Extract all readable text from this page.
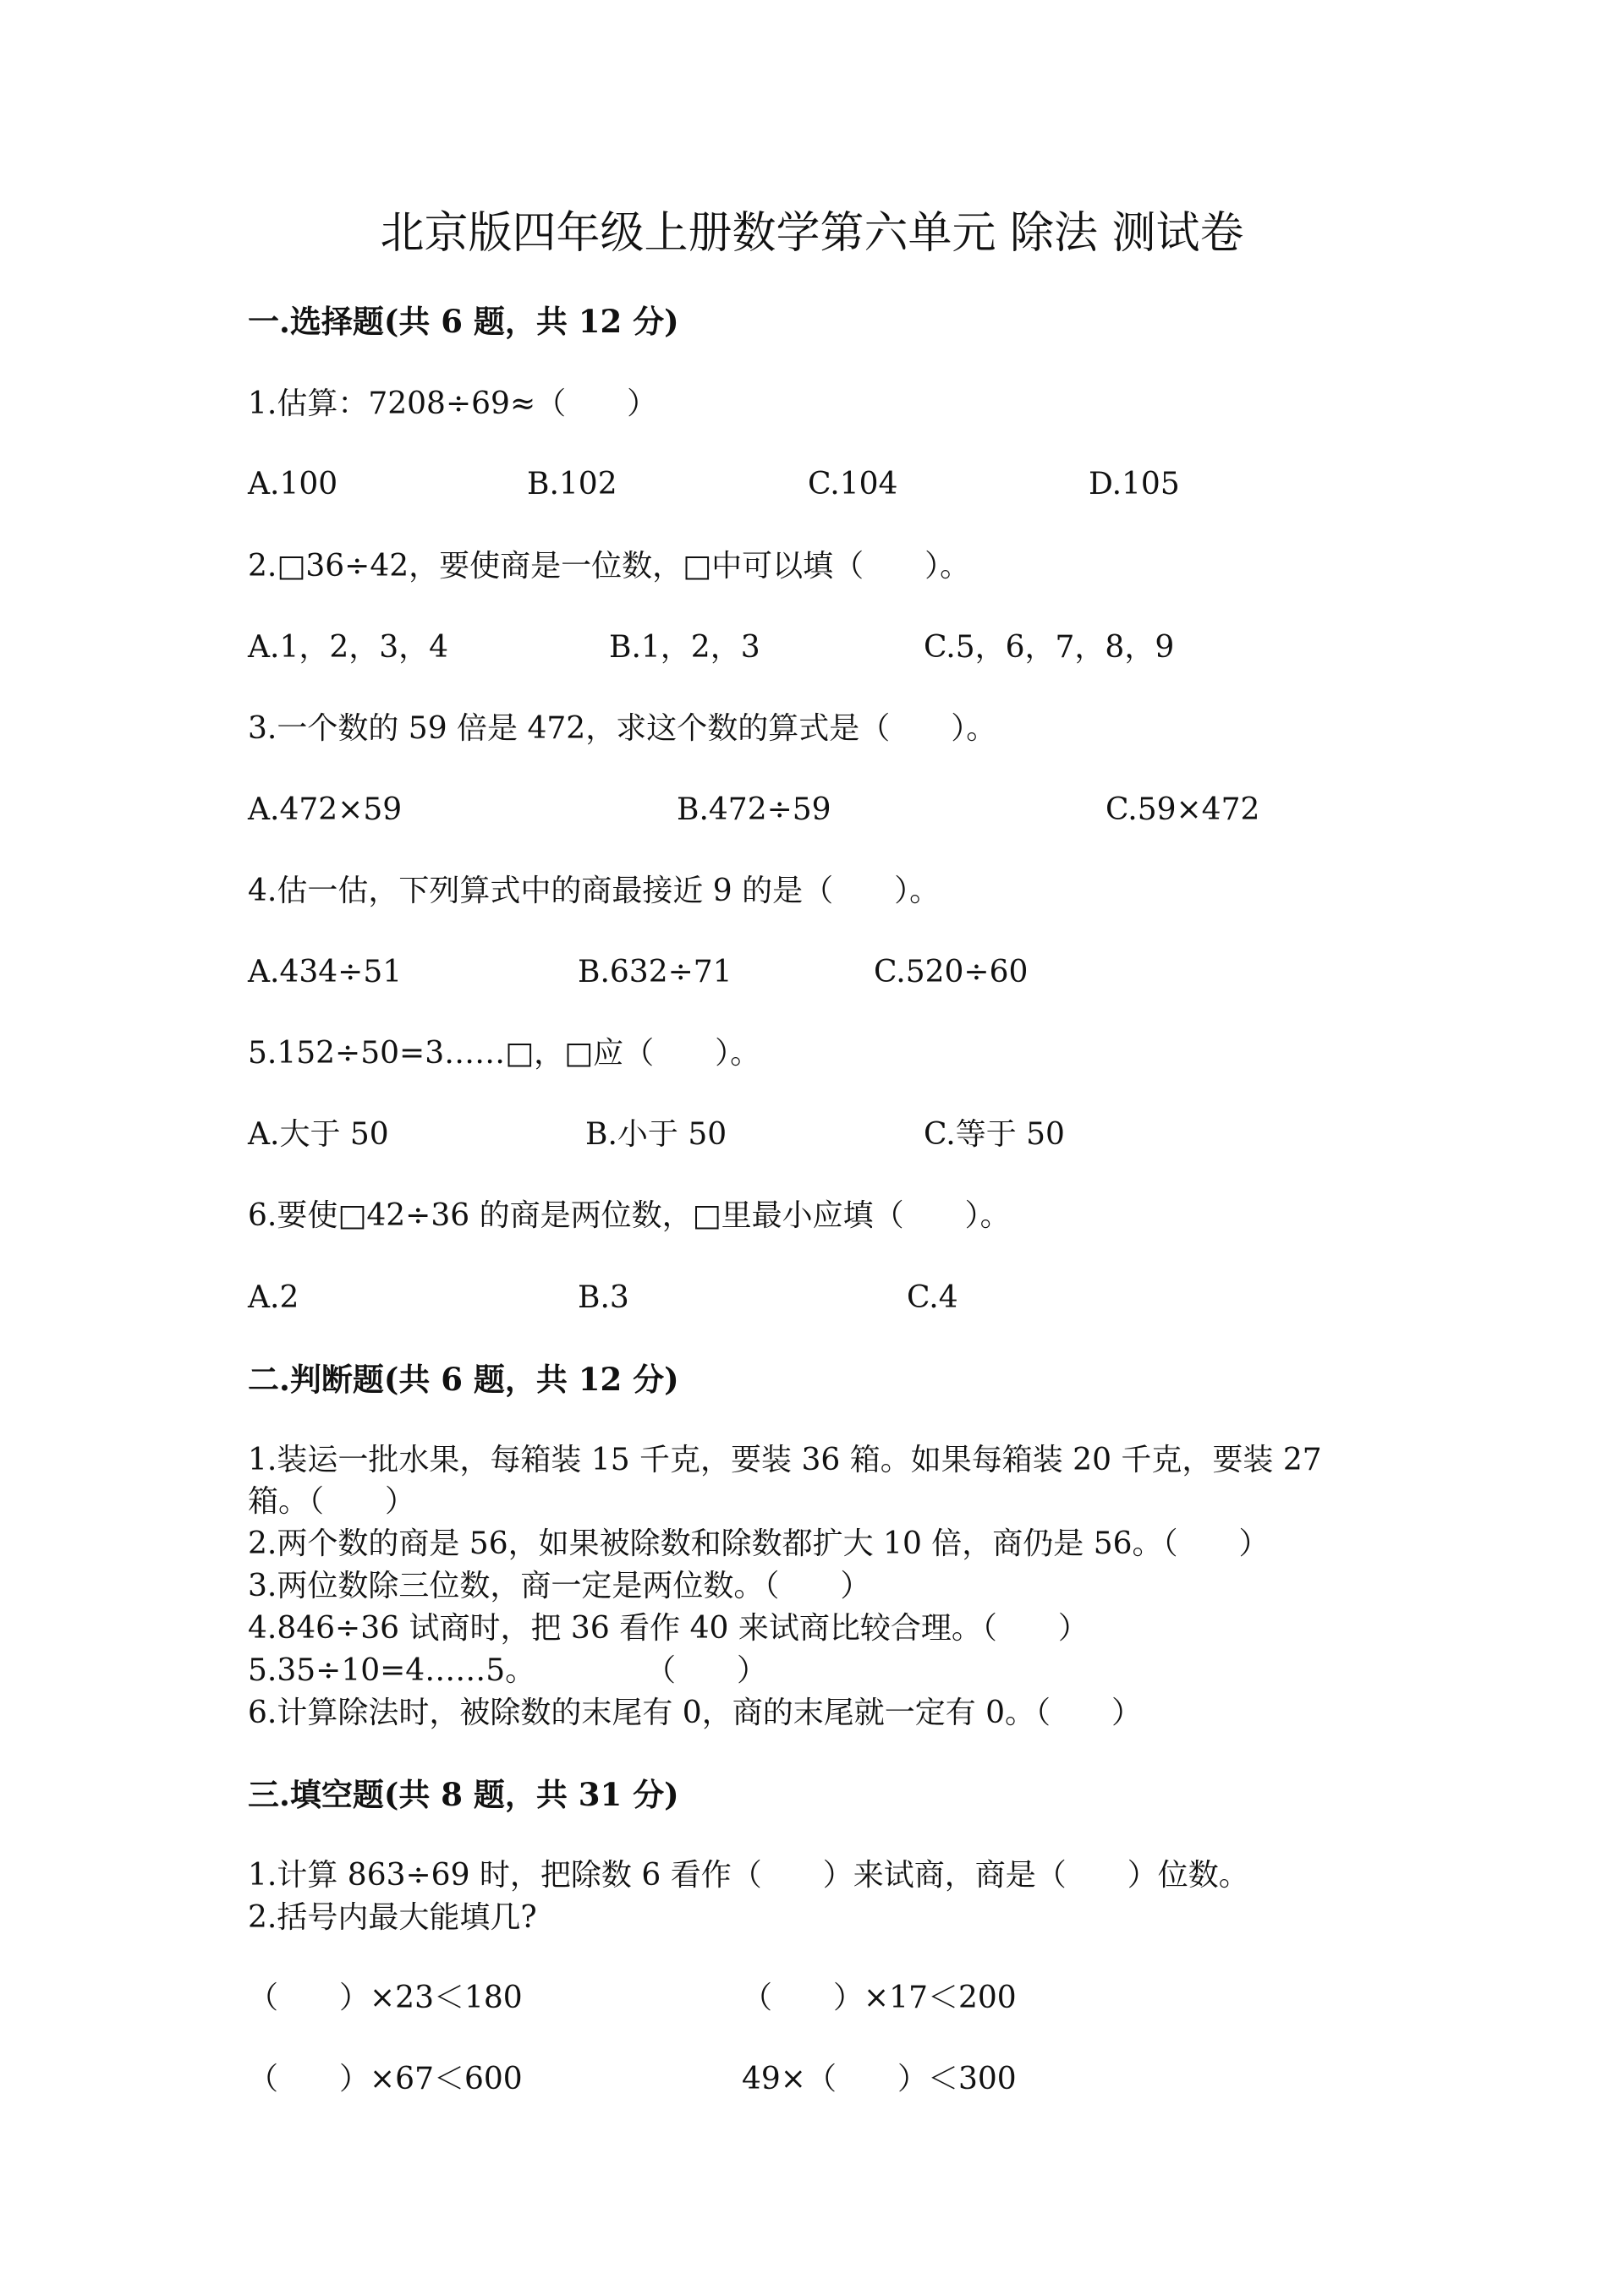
北京版四年级上册数学第六单元 除法 测试卷
一.选择题(共 6 题，共 12 分)
1.估算：7208÷69≈（　　）
A.100	B.102	C.104	D.105
2.□36÷42，要使商是一位数，□中可以填（　　）。
A.1，2，3，4	B.1，2，3	C.5，6，7，8，9
3.一个数的 59 倍是 472，求这个数的算式是（　　）。
A.472×59	B.472÷59	C.59×472
4.估一估，下列算式中的商最接近 9 的是（　　）。
A.434÷51	B.632÷71	C.520÷60
5.152÷50=3……□，□应（　　）。
A.大于 50	B.小于 50	C.等于 50
6.要使□42÷36 的商是两位数，□里最小应填（　　）。
A.2	B.3	C.4
二.判断题(共 6 题，共 12 分)
1.装运一批水果，每箱装 15 千克，要装 36 箱。如果每箱装 20 千克，要装 27
箱。（　　）
2.两个数的商是 56，如果被除数和除数都扩大 10 倍，商仍是 56。（　　）
3.两位数除三位数，商一定是两位数。（　　）
4.846÷36 试商时，把 36 看作 40 来试商比较合理。（　　）
5.35÷10=4……5。	（　　）
6.计算除法时，被除数的末尾有 0，商的末尾就一定有 0。（　　）
三.填空题(共 8 题，共 31 分)
1.计算 863÷69 时，把除数 6 看作（　　）来试商，商是（　　）位数。
2.括号内最大能填几?
（　　）×23＜180	（　　）×17＜200
（　　）×67＜600	49×（　　）＜300
